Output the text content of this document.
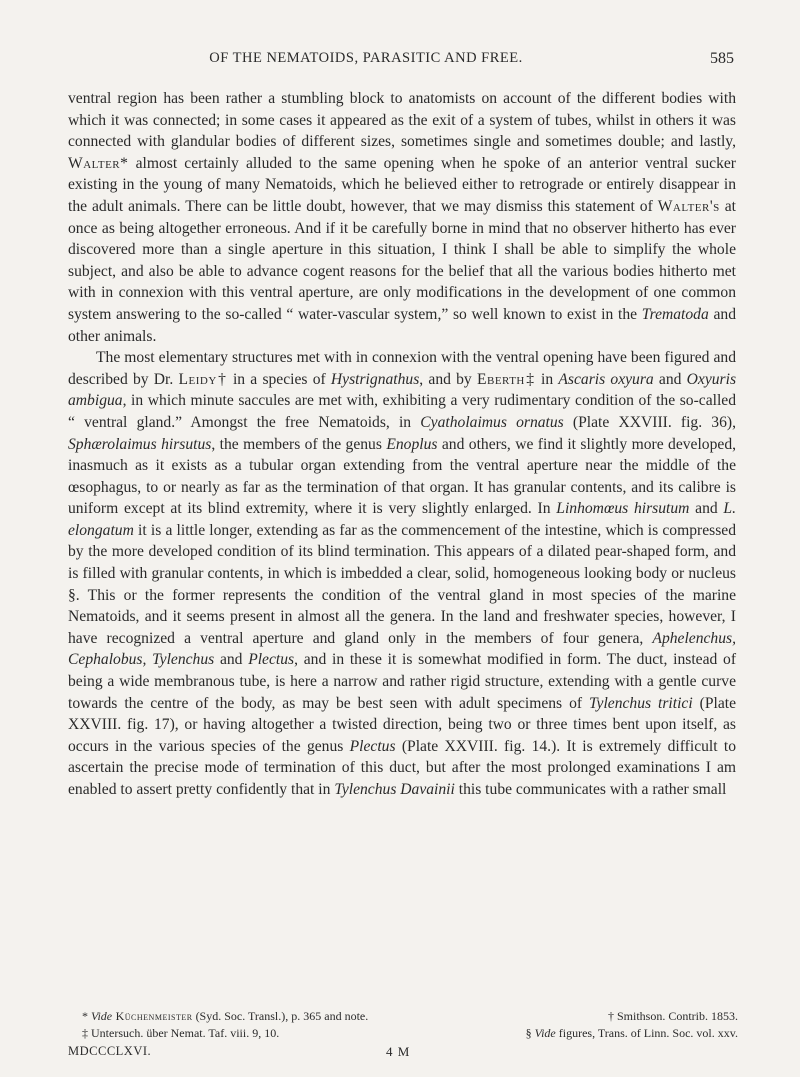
OF THE NEMATOIDS, PARASITIC AND FREE.	585

ventral region has been rather a stumbling block to anatomists on account of the different bodies with which it was connected; in some cases it appeared as the exit of a system of tubes, whilst in others it was connected with glandular bodies of different sizes, sometimes single and sometimes double; and lastly, Walter* almost certainly alluded to the same opening when he spoke of an anterior ventral sucker existing in the young of many Nematoids, which he believed either to retrograde or entirely disappear in the adult animals. There can be little doubt, however, that we may dismiss this statement of Walter's at once as being altogether erroneous. And if it be carefully borne in mind that no observer hitherto has ever discovered more than a single aperture in this situation, I think I shall be able to simplify the whole subject, and also be able to advance cogent reasons for the belief that all the various bodies hitherto met with in connexion with this ventral aperture, are only modifications in the development of one common system answering to the so-called “ water-vascular system,” so well known to exist in the Trematoda and other animals.

The most elementary structures met with in connexion with the ventral opening have been figured and described by Dr. Leidy† in a species of Hystrignathus, and by Eberth‡ in Ascaris oxyura and Oxyuris ambigua, in which minute saccules are met with, exhibiting a very rudimentary condition of the so-called “ ventral gland.” Amongst the free Nematoids, in Cyatholaimus ornatus (Plate XXVIII. fig. 36), Sphærolaimus hirsutus, the members of the genus Enoplus and others, we find it slightly more developed, inasmuch as it exists as a tubular organ extending from the ventral aperture near the middle of the œsophagus, to or nearly as far as the termination of that organ. It has granular contents, and its calibre is uniform except at its blind extremity, where it is very slightly enlarged. In Linhomœus hirsutum and L. elongatum it is a little longer, extending as far as the commencement of the intestine, which is compressed by the more developed condition of its blind termination. This appears of a dilated pear-shaped form, and is filled with granular contents, in which is imbedded a clear, solid, homogeneous looking body or nucleus §. This or the former represents the condition of the ventral gland in most species of the marine Nematoids, and it seems present in almost all the genera. In the land and freshwater species, however, I have recognized a ventral aperture and gland only in the members of four genera, Aphelenchus, Cephalobus, Tylenchus and Plectus, and in these it is somewhat modified in form. The duct, instead of being a wide membranous tube, is here a narrow and rather rigid structure, extending with a gentle curve towards the centre of the body, as may be best seen with adult specimens of Tylenchus tritici (Plate XXVIII. fig. 17), or having altogether a twisted direction, being two or three times bent upon itself, as occurs in the various species of the genus Plectus (Plate XXVIII. fig. 14.). It is extremely difficult to ascertain the precise mode of termination of this duct, but after the most prolonged examinations I am enabled to assert pretty confidently that in Tylenchus Davainii this tube communicates with a rather small

* Vide Küchenmeister (Syd. Soc. Transl.), p. 365 and note.	† Smithson. Contrib. 1853.
‡ Untersuch. über Nemat. Taf. viii. 9, 10.	§ Vide figures, Trans. of Linn. Soc. vol. xxv.
MDCCCLXVI.	4 M
